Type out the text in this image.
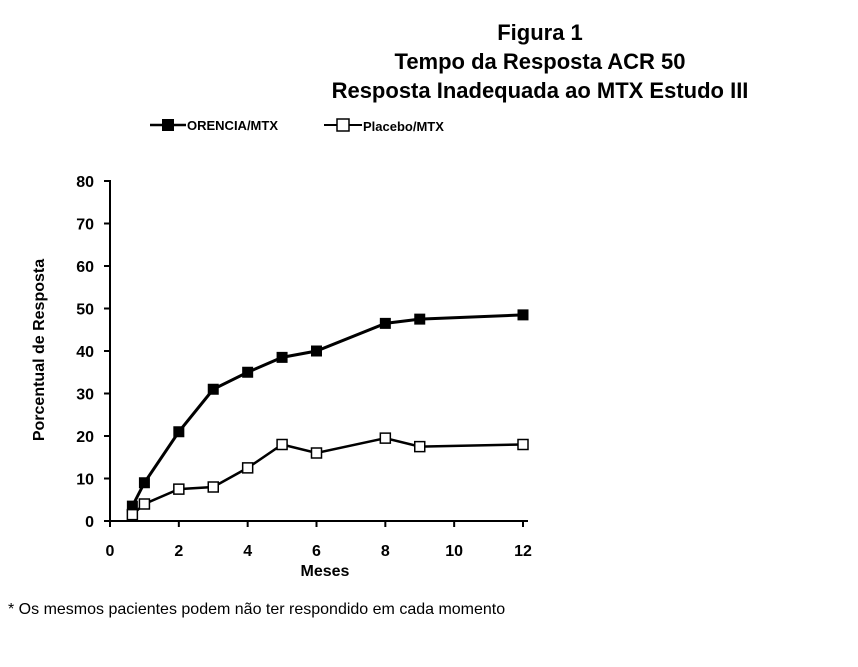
Figura 1
Tempo da Resposta ACR 50
Resposta Inadequada ao MTX Estudo III
ORENCIA/MTX	Placebo/MTX
0
10
20
30
40
50
60
70
80
0	2	4	6	8	10	12
Meses
Porcentual de Resposta
* Os mesmos pacientes podem não ter respondido em cada momento
